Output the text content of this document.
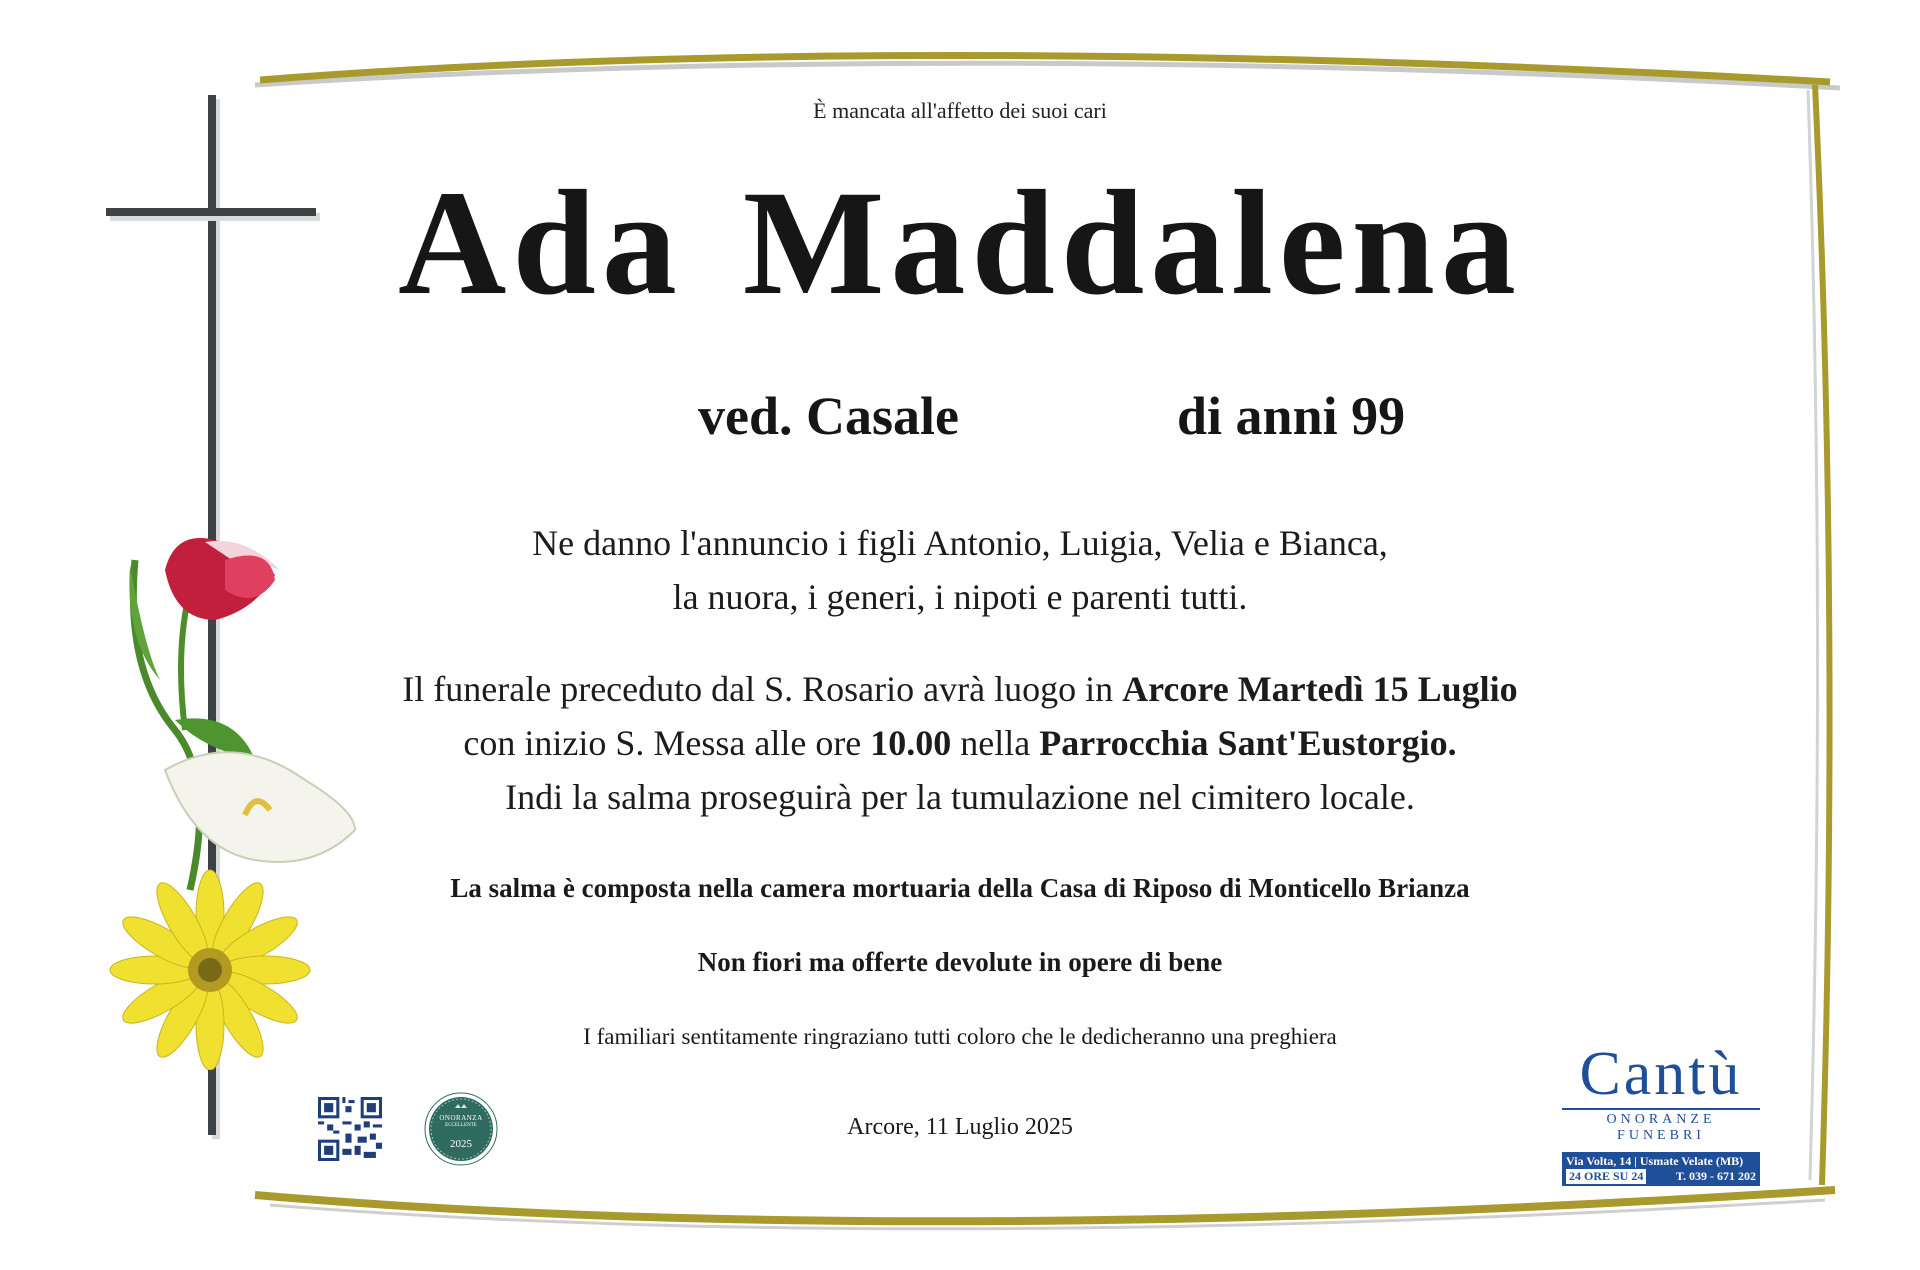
È mancata all'affetto dei suoi cari
Ada Maddalena
ved. Casale	di anni 99
Ne danno l'annuncio i figli Antonio, Luigia, Velia e Bianca,
la nuora, i generi, i nipoti e parenti tutti.
Il funerale preceduto dal S. Rosario avrà luogo in Arcore Martedì 15 Luglio
con inizio S. Messa alle ore 10.00 nella Parrocchia Sant'Eustorgio.
Indi la salma proseguirà per la tumulazione nel cimitero locale.
La salma è composta nella camera mortuaria della Casa di Riposo di Monticello Brianza
Non fiori ma offerte devolute in opere di bene
I familiari sentitamente ringraziano tutti coloro che le dedicheranno una preghiera
Arcore, 11 Luglio 2025
ONORANZA
ECCELLENTE
2025
Cantù
ONORANZE FUNEBRI
Via Volta, 14 | Usmate Velate (MB)
24 ORE SU 24	T. 039 - 671 202
